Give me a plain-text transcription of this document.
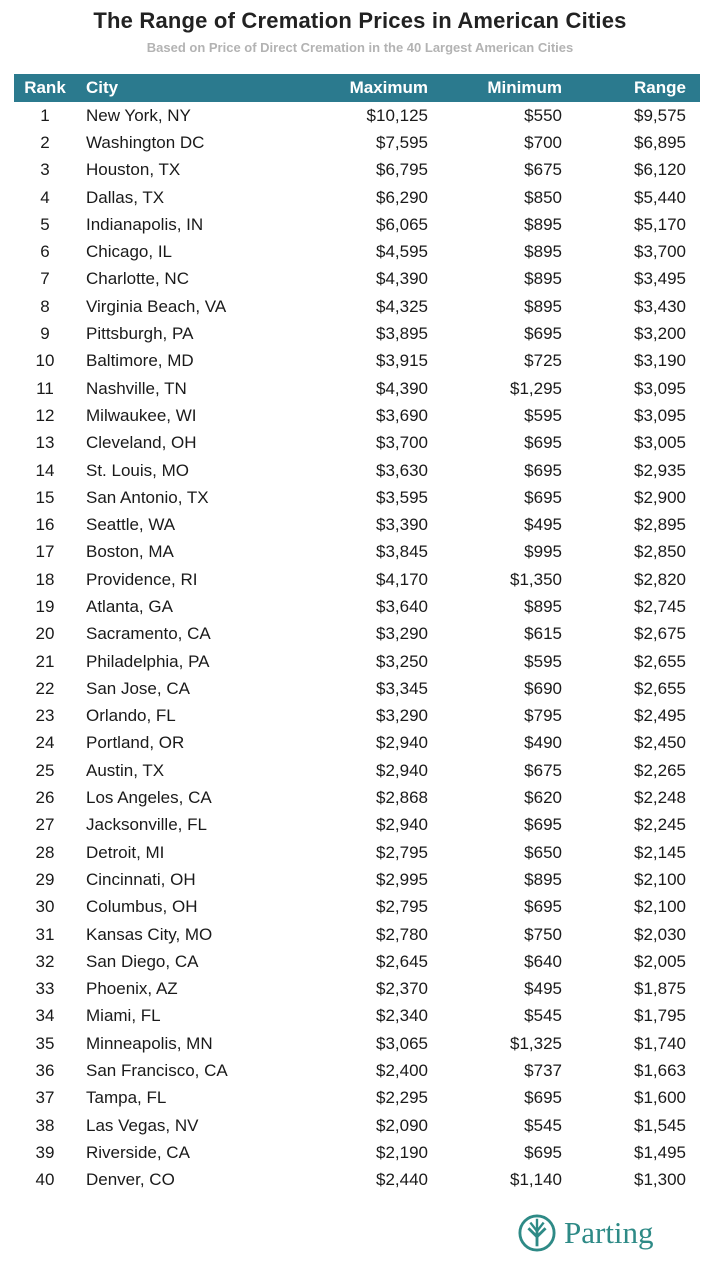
The Range of Cremation Prices in American Cities
Based on Price of Direct Cremation in the 40 Largest American Cities
Rank	City	Maximum	Minimum	Range
1	New York, NY	$10,125	$550	$9,575
2	Washington DC	$7,595	$700	$6,895
3	Houston, TX	$6,795	$675	$6,120
4	Dallas, TX	$6,290	$850	$5,440
5	Indianapolis, IN	$6,065	$895	$5,170
6	Chicago, IL	$4,595	$895	$3,700
7	Charlotte, NC	$4,390	$895	$3,495
8	Virginia Beach, VA	$4,325	$895	$3,430
9	Pittsburgh, PA	$3,895	$695	$3,200
10	Baltimore, MD	$3,915	$725	$3,190
11	Nashville, TN	$4,390	$1,295	$3,095
12	Milwaukee, WI	$3,690	$595	$3,095
13	Cleveland, OH	$3,700	$695	$3,005
14	St. Louis, MO	$3,630	$695	$2,935
15	San Antonio, TX	$3,595	$695	$2,900
16	Seattle, WA	$3,390	$495	$2,895
17	Boston, MA	$3,845	$995	$2,850
18	Providence, RI	$4,170	$1,350	$2,820
19	Atlanta, GA	$3,640	$895	$2,745
20	Sacramento, CA	$3,290	$615	$2,675
21	Philadelphia, PA	$3,250	$595	$2,655
22	San Jose, CA	$3,345	$690	$2,655
23	Orlando, FL	$3,290	$795	$2,495
24	Portland, OR	$2,940	$490	$2,450
25	Austin, TX	$2,940	$675	$2,265
26	Los Angeles, CA	$2,868	$620	$2,248
27	Jacksonville, FL	$2,940	$695	$2,245
28	Detroit, MI	$2,795	$650	$2,145
29	Cincinnati, OH	$2,995	$895	$2,100
30	Columbus, OH	$2,795	$695	$2,100
31	Kansas City, MO	$2,780	$750	$2,030
32	San Diego, CA	$2,645	$640	$2,005
33	Phoenix, AZ	$2,370	$495	$1,875
34	Miami, FL	$2,340	$545	$1,795
35	Minneapolis, MN	$3,065	$1,325	$1,740
36	San Francisco, CA	$2,400	$737	$1,663
37	Tampa, FL	$2,295	$695	$1,600
38	Las Vegas, NV	$2,090	$545	$1,545
39	Riverside, CA	$2,190	$695	$1,495
40	Denver, CO	$2,440	$1,140	$1,300
Parting
